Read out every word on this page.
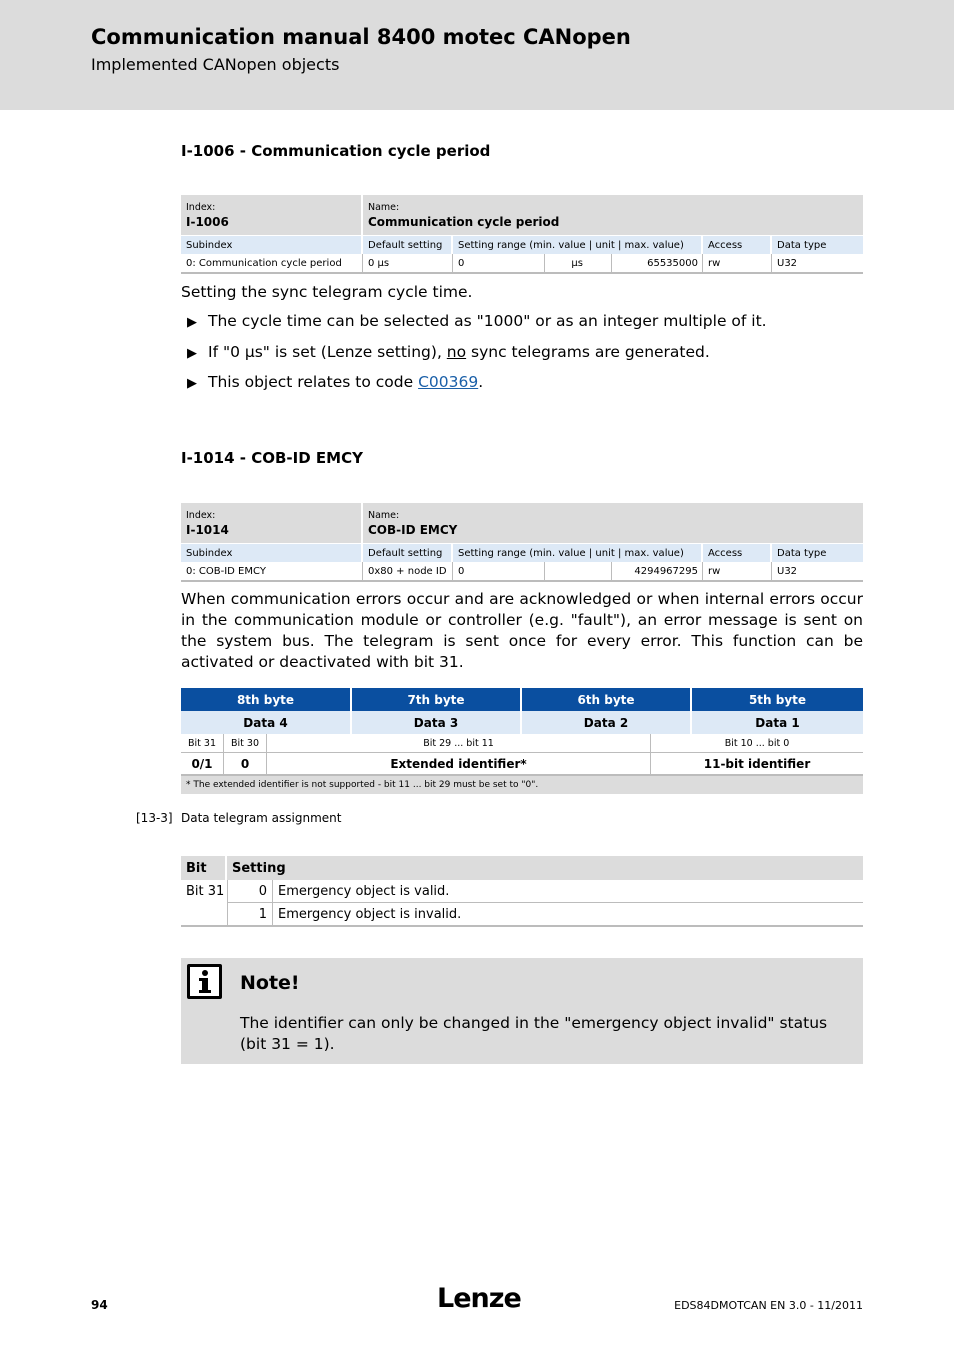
Communication manual 8400 motec CANopen
Implemented CANopen objects
I-1006 - Communication cycle period
Index:
I-1006
Name:
Communication cycle period
Subindex	Default setting	Setting range (min. value | unit | max. value)	Access	Data type
0: Communication cycle period	0 µs	0	µs	65535000	rw	U32
Setting the sync telegram cycle time.
▶ The cycle time can be selected as "1000" or as an integer multiple of it.
▶ If "0 µs" is set (Lenze setting), no sync telegrams are generated.
▶ This object relates to code C00369.
I-1014 - COB-ID EMCY
Index:
I-1014
Name:
COB-ID EMCY
Subindex	Default setting	Setting range (min. value | unit | max. value)	Access	Data type
0: COB-ID EMCY	0x80 + node ID	0	4294967295	rw	U32
When communication errors occur and are acknowledged or when internal errors occur in the communication module or controller (e.g. "fault"), an error message is sent on the system bus. The telegram is sent once for every error. This function can be activated or deactivated with bit 31.
8th byte	7th byte	6th byte	5th byte
Data 4	Data 3	Data 2	Data 1
Bit 31	Bit 30	Bit 29 ... bit 11	Bit 10 ... bit 0
0/1	0	Extended identifier*	11-bit identifier
* The extended identifier is not supported - bit 11 ... bit 29 must be set to "0".
[13-3] Data telegram assignment
Bit	Setting
Bit 31	0 Emergency object is valid.
1 Emergency object is invalid.
Note!
The identifier can only be changed in the "emergency object invalid" status (bit 31 = 1).
94	Lenze	EDS84DMOTCAN EN 3.0 - 11/2011
